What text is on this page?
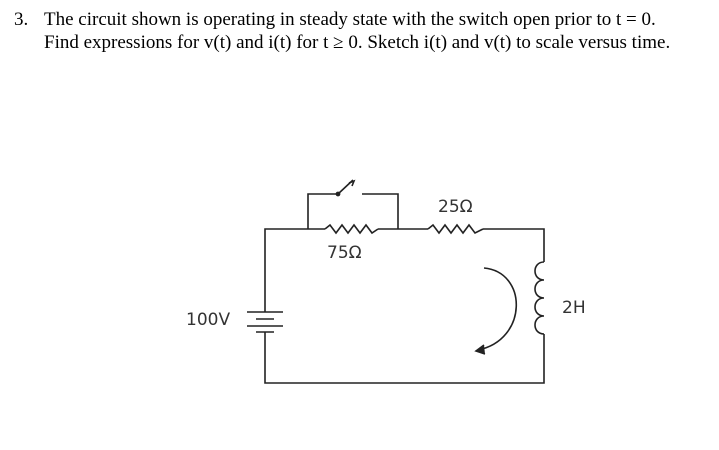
3. The circuit shown is operating in steady state with the switch open prior to t = 0.
Find expressions for v(t) and i(t) for t ≥ 0. Sketch i(t) and v(t) to scale versus time.
100V
75Ω
25Ω
2H
